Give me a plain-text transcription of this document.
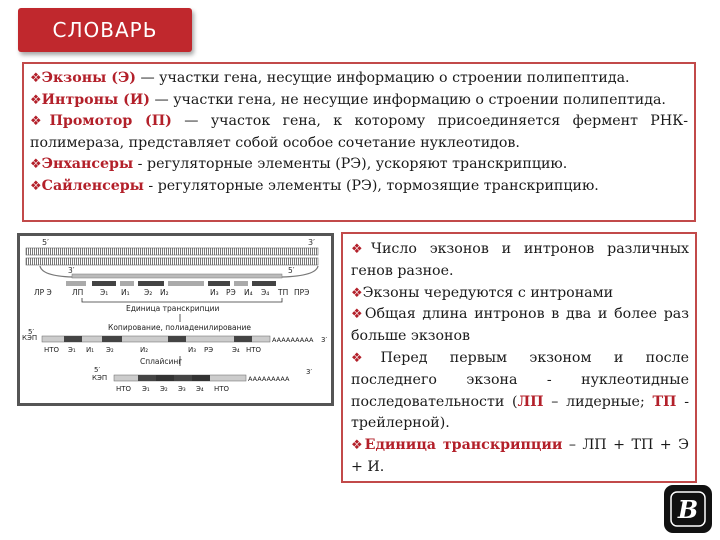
СЛОВАРЬ

❖Экзоны (Э) — участки гена, несущие информацию о строении полипептида.

❖Интроны (И) — участки гена, не несущие информацию о строении полипептида.

❖Промотор (П) — участок гена, к которому присоединяется фермент РНК-полимераза, представляет собой особое сочетание нуклеотидов.

❖Энхансеры - регуляторные элементы (РЭ), ускоряют транскрипцию.

❖Сайленсеры - регуляторные элементы (РЭ), тормозящие транскрипцию.

5′	3′
3′	5′
ЛР Э	ЛП Э₁ И₁ Э₂ И₂	И₃ РЭ И₄ Э₄ ТП ПРЭ
Единица транскрипции
Копирование, полиаденилирование
КЭП
5′
AAAAAAAAA 3′
НТО Э₁ И₁ Э₂	И₂	И₃ РЭ	Э₄ НТО
Сплайсинг
КЭП
5′
AAAAAAAAA
3′
НТО Э₁ Э₂ Э₃ Э₄ НТО

❖Число экзонов и интронов различных генов разное.

❖Экзоны чередуются с интронами

❖Общая длина интронов в два и более раз больше экзонов

❖Перед первым экзоном и после последнего экзона - нуклеотидные последовательности (ЛП – лидерные; ТП - трейлерной).

❖Единица транскрипции – ЛП + ТП + Э + И.

B
